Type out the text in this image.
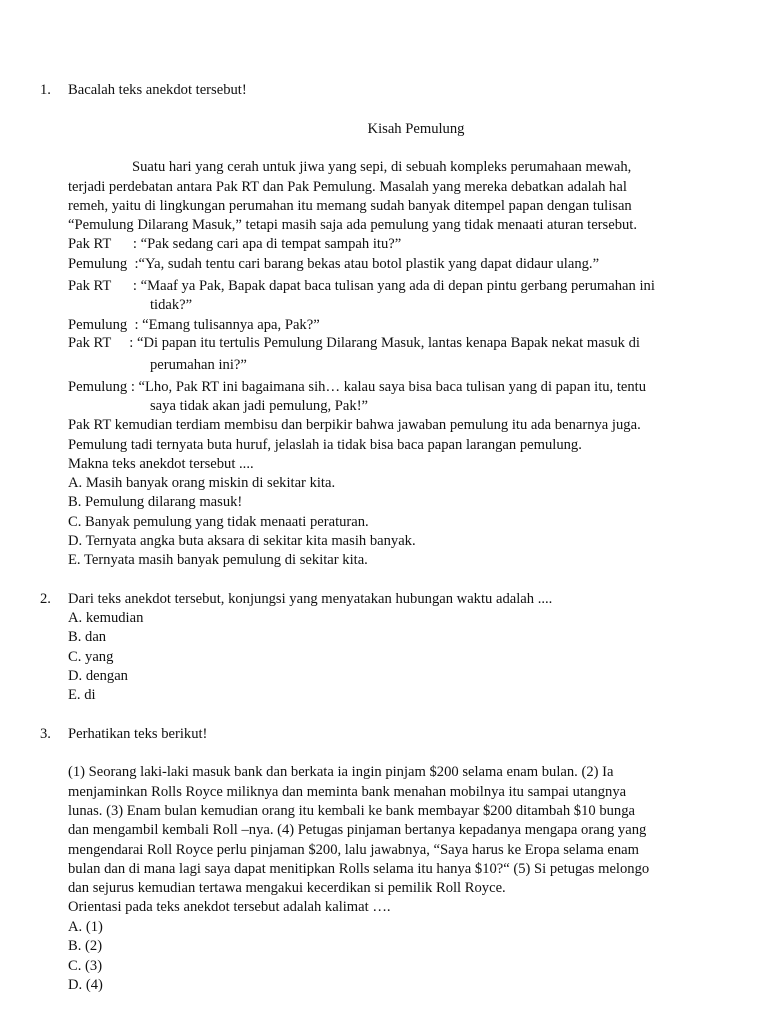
1. Bacalah teks anekdot tersebut!
Kisah Pemulung
Suatu hari yang cerah untuk jiwa yang sepi, di sebuah kompleks perumahaan mewah,
terjadi perdebatan antara Pak RT dan Pak Pemulung. Masalah yang mereka debatkan adalah hal
remeh, yaitu di lingkungan perumahan itu memang sudah banyak ditempel papan dengan tulisan
“Pemulung Dilarang Masuk,” tetapi masih saja ada pemulung yang tidak menaati aturan tersebut.
Pak RT      : “Pak sedang cari apa di tempat sampah itu?”
Pemulung  :“Ya, sudah tentu cari barang bekas atau botol plastik yang dapat didaur ulang.”
Pak RT      : “Maaf ya Pak, Bapak dapat baca tulisan yang ada di depan pintu gerbang perumahan ini
tidak?”
Pemulung  : “Emang tulisannya apa, Pak?”
Pak RT     : “Di papan itu tertulis Pemulung Dilarang Masuk, lantas kenapa Bapak nekat masuk di
perumahan ini?”
Pemulung : “Lho, Pak RT ini bagaimana sih… kalau saya bisa baca tulisan yang di papan itu, tentu
saya tidak akan jadi pemulung, Pak!”
Pak RT kemudian terdiam membisu dan berpikir bahwa jawaban pemulung itu ada benarnya juga.
Pemulung tadi ternyata buta huruf, jelaslah ia tidak bisa baca papan larangan pemulung.
Makna teks anekdot tersebut ....
A. Masih banyak orang miskin di sekitar kita.
B. Pemulung dilarang masuk!
C. Banyak pemulung yang tidak menaati peraturan.
D. Ternyata angka buta aksara di sekitar kita masih banyak.
E. Ternyata masih banyak pemulung di sekitar kita.
2. Dari teks anekdot tersebut, konjungsi yang menyatakan hubungan waktu adalah ....
A. kemudian
B. dan
C. yang
D. dengan
E. di
3. Perhatikan teks berikut!
(1) Seorang laki-laki masuk bank dan berkata ia ingin pinjam $200 selama enam bulan. (2) Ia
menjaminkan Rolls Royce miliknya dan meminta bank menahan mobilnya itu sampai utangnya
lunas. (3) Enam bulan kemudian orang itu kembali ke bank membayar $200 ditambah $10 bunga
dan mengambil kembali Roll –nya. (4) Petugas pinjaman bertanya kepadanya mengapa orang yang
mengendarai Roll Royce perlu pinjaman $200, lalu jawabnya, “Saya harus ke Eropa selama enam
bulan dan di mana lagi saya dapat menitipkan Rolls selama itu hanya $10?“ (5) Si petugas melongo
dan sejurus kemudian tertawa mengakui kecerdikan si pemilik Roll Royce.
Orientasi pada teks anekdot tersebut adalah kalimat ….
A. (1)
B. (2)
C. (3)
D. (4)
